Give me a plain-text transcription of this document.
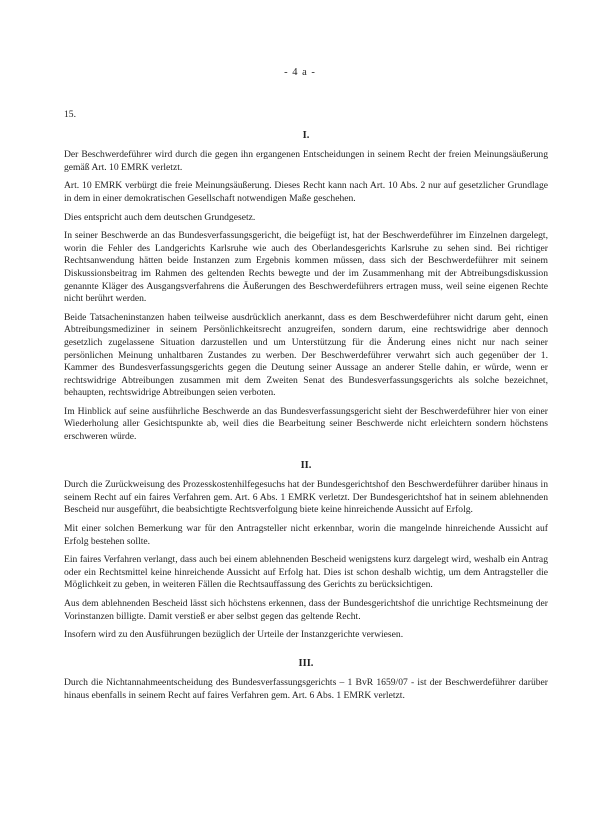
- 4 a -
15.
I.

Der Beschwerdeführer wird durch die gegen ihn ergangenen Entscheidungen in seinem Recht der freien Meinungsäußerung gemäß Art. 10 EMRK verletzt.

Art. 10 EMRK verbürgt die freie Meinungsäußerung. Dieses Recht kann nach Art. 10 Abs. 2 nur auf gesetzlicher Grundlage in dem in einer demokratischen Gesellschaft notwendigen Maße geschehen.

Dies entspricht auch dem deutschen Grundgesetz.

In seiner Beschwerde an das Bundesverfassungsgericht, die beigefügt ist, hat der Beschwerdeführer im Einzelnen dargelegt, worin die Fehler des Landgerichts Karlsruhe wie auch des Oberlandesgerichts Karlsruhe zu sehen sind. Bei richtiger Rechtsanwendung hätten beide Instanzen zum Ergebnis kommen müssen, dass sich der Beschwerdeführer mit seinem Diskussionsbeitrag im Rahmen des geltenden Rechts bewegte und der im Zusammenhang mit der Abtreibungsdiskussion genannte Kläger des Ausgangsverfahrens die Äußerungen des Beschwerdeführers ertragen muss, weil seine eigenen Rechte nicht berührt werden.

Beide Tatsacheninstanzen haben teilweise ausdrücklich anerkannt, dass es dem Beschwerdeführer nicht darum geht, einen Abtreibungsmediziner in seinem Persönlichkeitsrecht anzugreifen, sondern darum, eine rechtswidrige aber dennoch gesetzlich zugelassene Situation darzustellen und um Unterstützung für die Änderung eines nicht nur nach seiner persönlichen Meinung unhaltbaren Zustandes zu werben. Der Beschwerdeführer verwahrt sich auch gegenüber der 1. Kammer des Bundesverfassungsgerichts gegen die Deutung seiner Aussage an anderer Stelle dahin, er würde, wenn er rechtswidrige Abtreibungen zusammen mit dem Zweiten Senat des Bundesverfassungsgerichts als solche bezeichnet, behaupten, rechtswidrige Abtreibungen seien verboten.

Im Hinblick auf seine ausführliche Beschwerde an das Bundesverfassungsgericht sieht der Beschwerdeführer hier von einer Wiederholung aller Gesichtspunkte ab, weil dies die Bearbeitung seiner Beschwerde nicht erleichtern sondern höchstens erschweren würde.

II.

Durch die Zurückweisung des Prozesskostenhilfegesuchs hat der Bundesgerichtshof den Beschwerdeführer darüber hinaus in seinem Recht auf ein faires Verfahren gem. Art. 6 Abs. 1 EMRK verletzt. Der Bundesgerichtshof hat in seinem ablehnenden Bescheid nur ausgeführt, die beabsichtigte Rechtsverfolgung biete keine hinreichende Aussicht auf Erfolg.

Mit einer solchen Bemerkung war für den Antragsteller nicht erkennbar, worin die mangelnde hinreichende Aussicht auf Erfolg bestehen sollte.

Ein faires Verfahren verlangt, dass auch bei einem ablehnenden Bescheid wenigstens kurz dargelegt wird, weshalb ein Antrag oder ein Rechtsmittel keine hinreichende Aussicht auf Erfolg hat. Dies ist schon deshalb wichtig, um dem Antragsteller die Möglichkeit zu geben, in weiteren Fällen die Rechtsauffassung des Gerichts zu berücksichtigen.

Aus dem ablehnenden Bescheid lässt sich höchstens erkennen, dass der Bundesgerichtshof die unrichtige Rechtsmeinung der Vorinstanzen billigte. Damit verstieß er aber selbst gegen das geltende Recht.

Insofern wird zu den Ausführungen bezüglich der Urteile der Instanzgerichte verwiesen.

III.

Durch die Nichtannahmeentscheidung des Bundesverfassungsgerichts – 1 BvR 1659/07 - ist der Beschwerdeführer darüber hinaus ebenfalls in seinem Recht auf faires Verfahren gem. Art. 6 Abs. 1 EMRK verletzt.
